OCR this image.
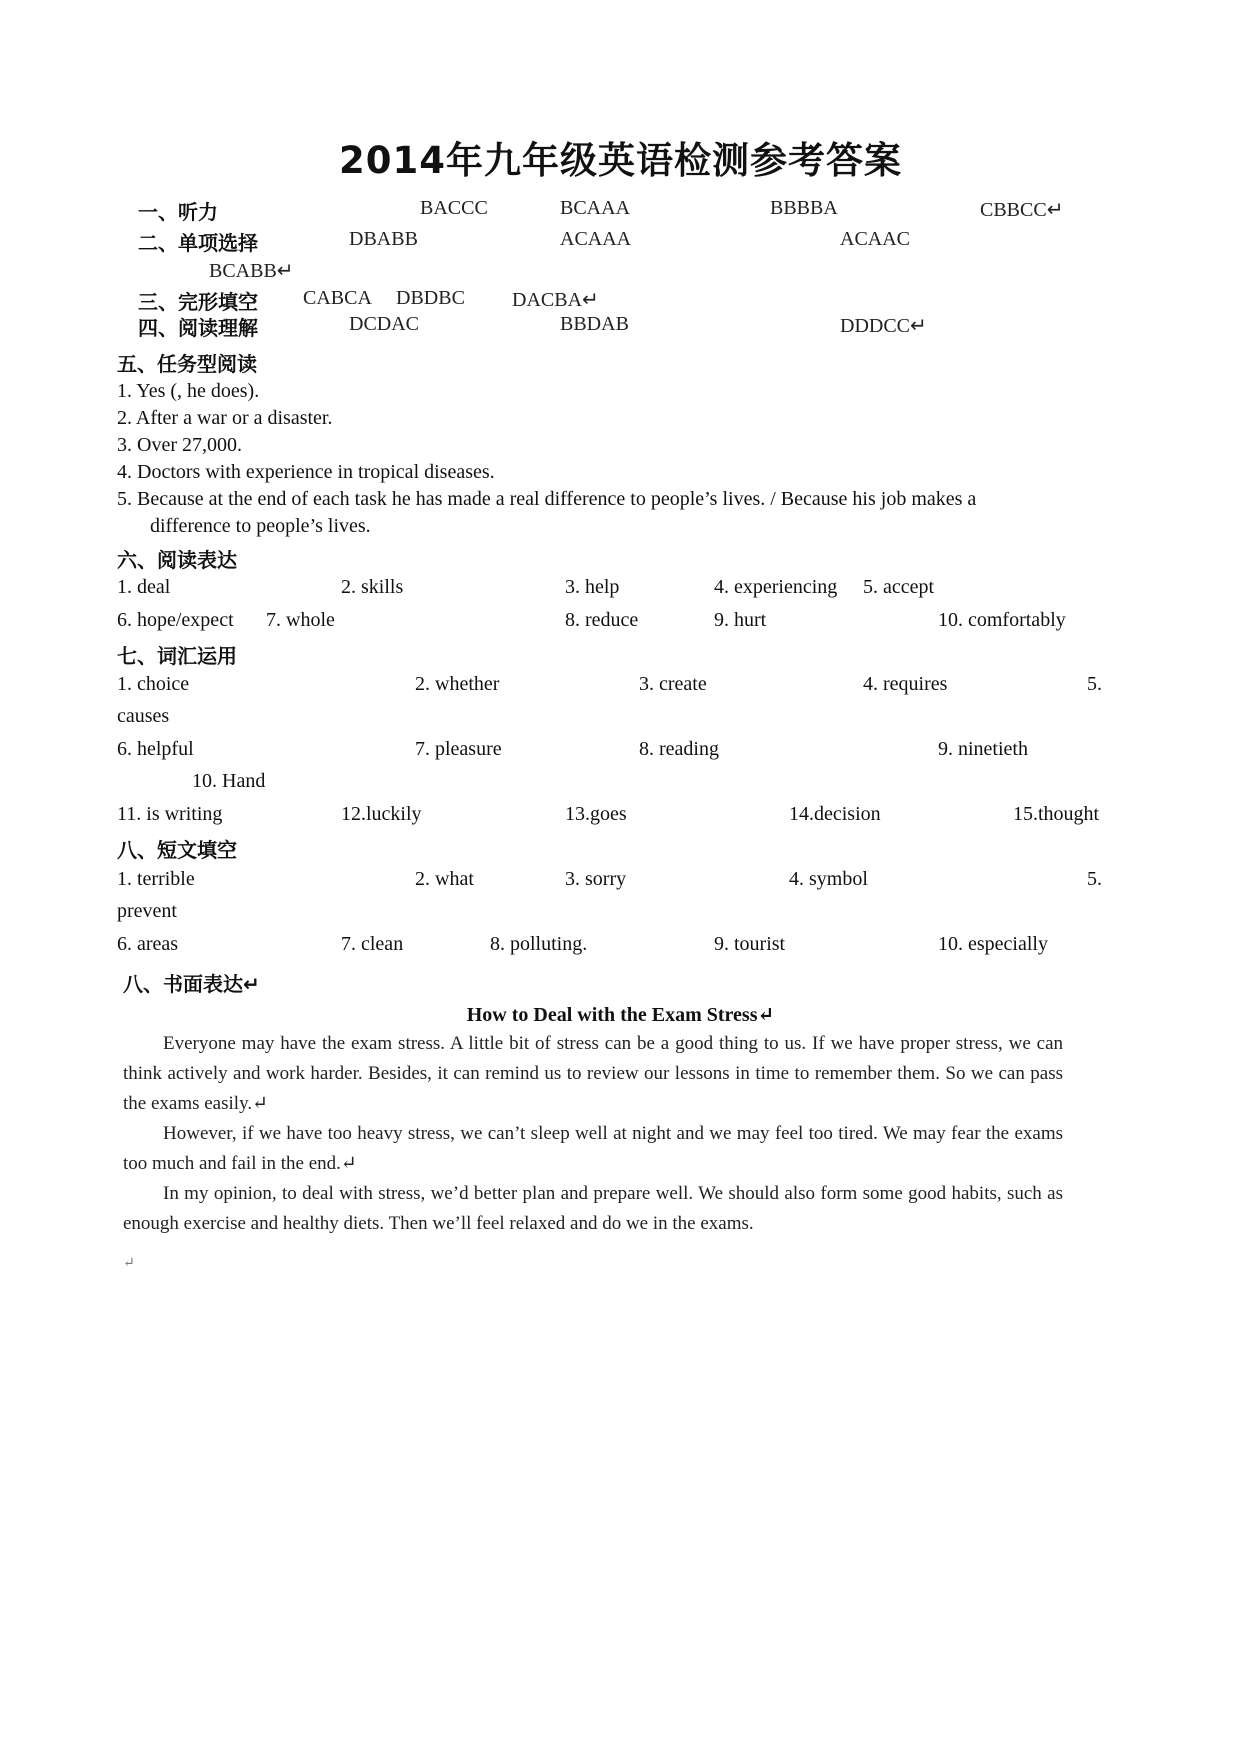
2014年九年级英语检测参考答案
一、听力	BACCC	BCAAA	BBBBA	CBBCC↵
二、单项选择	DBABB	ACAAA	ACAAC
BCABB↵
三、完形填空 CABCA DBDBC DACBA↵
四、阅读理解	DCDAC	BBDAB	DDDCC↵
五、任务型阅读
1. Yes (, he does).
2. After a war or a disaster.
3. Over 27,000.
4. Doctors with experience in tropical diseases.
5. Because at the end of each task he has made a real difference to people’s lives. / Because his job makes a
difference to people’s lives.
六、阅读表达
1. deal	2. skills	3. help	4. experiencing 5. accept
6. hope/expect 7. whole	8. reduce	9. hurt	10. comfortably
七、词汇运用
1. choice	2. whether	3. create	4. requires	5.
causes
6. helpful	7. pleasure	8. reading	9. ninetieth
10. Hand
11. is writing	12.luckily	13.goes	14.decision	15.thought
八、短文填空
1. terrible	2. what	3. sorry	4. symbol	5.
prevent
6. areas	7. clean	8. polluting.	9. tourist	10. especially
八、书面表达↵
How to Deal with the Exam Stress↵

Everyone may have the exam stress. A little bit of stress can be a good thing to us. If we have proper stress, we can think actively and work harder. Besides, it can remind us to review our lessons in time to remember them. So we can pass the exams easily.↵

However, if we have too heavy stress, we can’t sleep well at night and we may feel too tired. We may fear the exams too much and fail in the end.↵

In my opinion, to deal with stress, we’d better plan and prepare well. We should also form some good habits, such as enough exercise and healthy diets. Then we’ll feel relaxed and do we in the exams.

↵
